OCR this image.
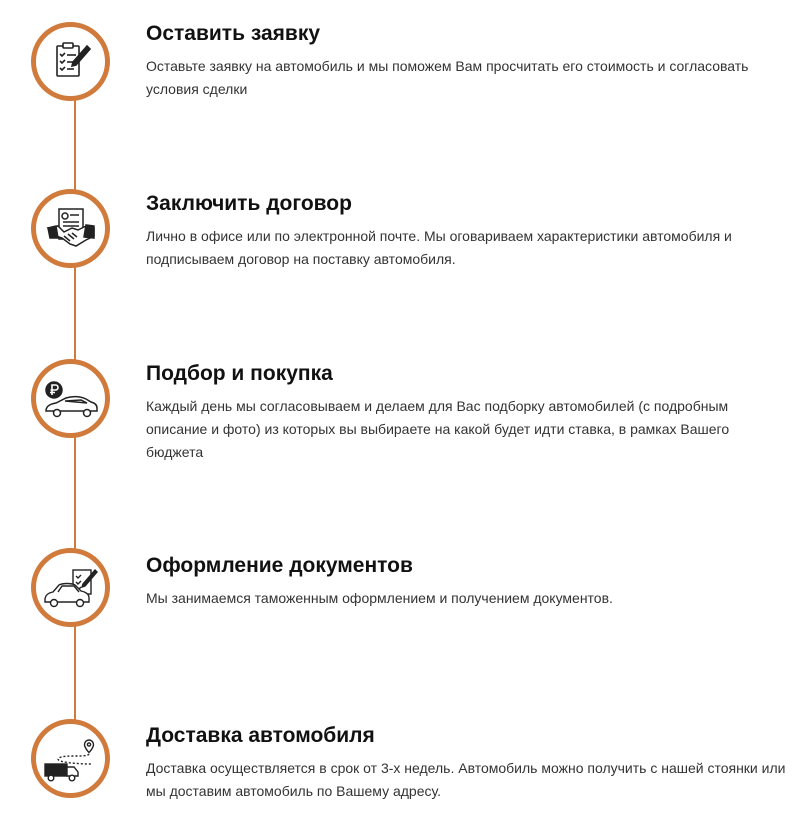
Оставить заявку
Оставьте заявку на автомобиль и мы поможем Вам просчитать его стоимость и согласовать условия сделки
Заключить договор
Лично в офисе или по электронной почте. Мы оговариваем характеристики автомобиля и подписываем договор на поставку автомобиля.
Подбор и покупка
Каждый день мы согласовываем и делаем для Вас подборку автомобилей (с подробным описание и фото) из которых вы выбираете на какой будет идти ставка, в рамках Вашего бюджета
Оформление документов
Мы занимаемся таможенным оформлением и получением документов.
Доставка автомобиля
Доставка осуществляется в срок от 3-х недель. Автомобиль можно получить с нашей стоянки или мы доставим автомобиль по Вашему адресу.
